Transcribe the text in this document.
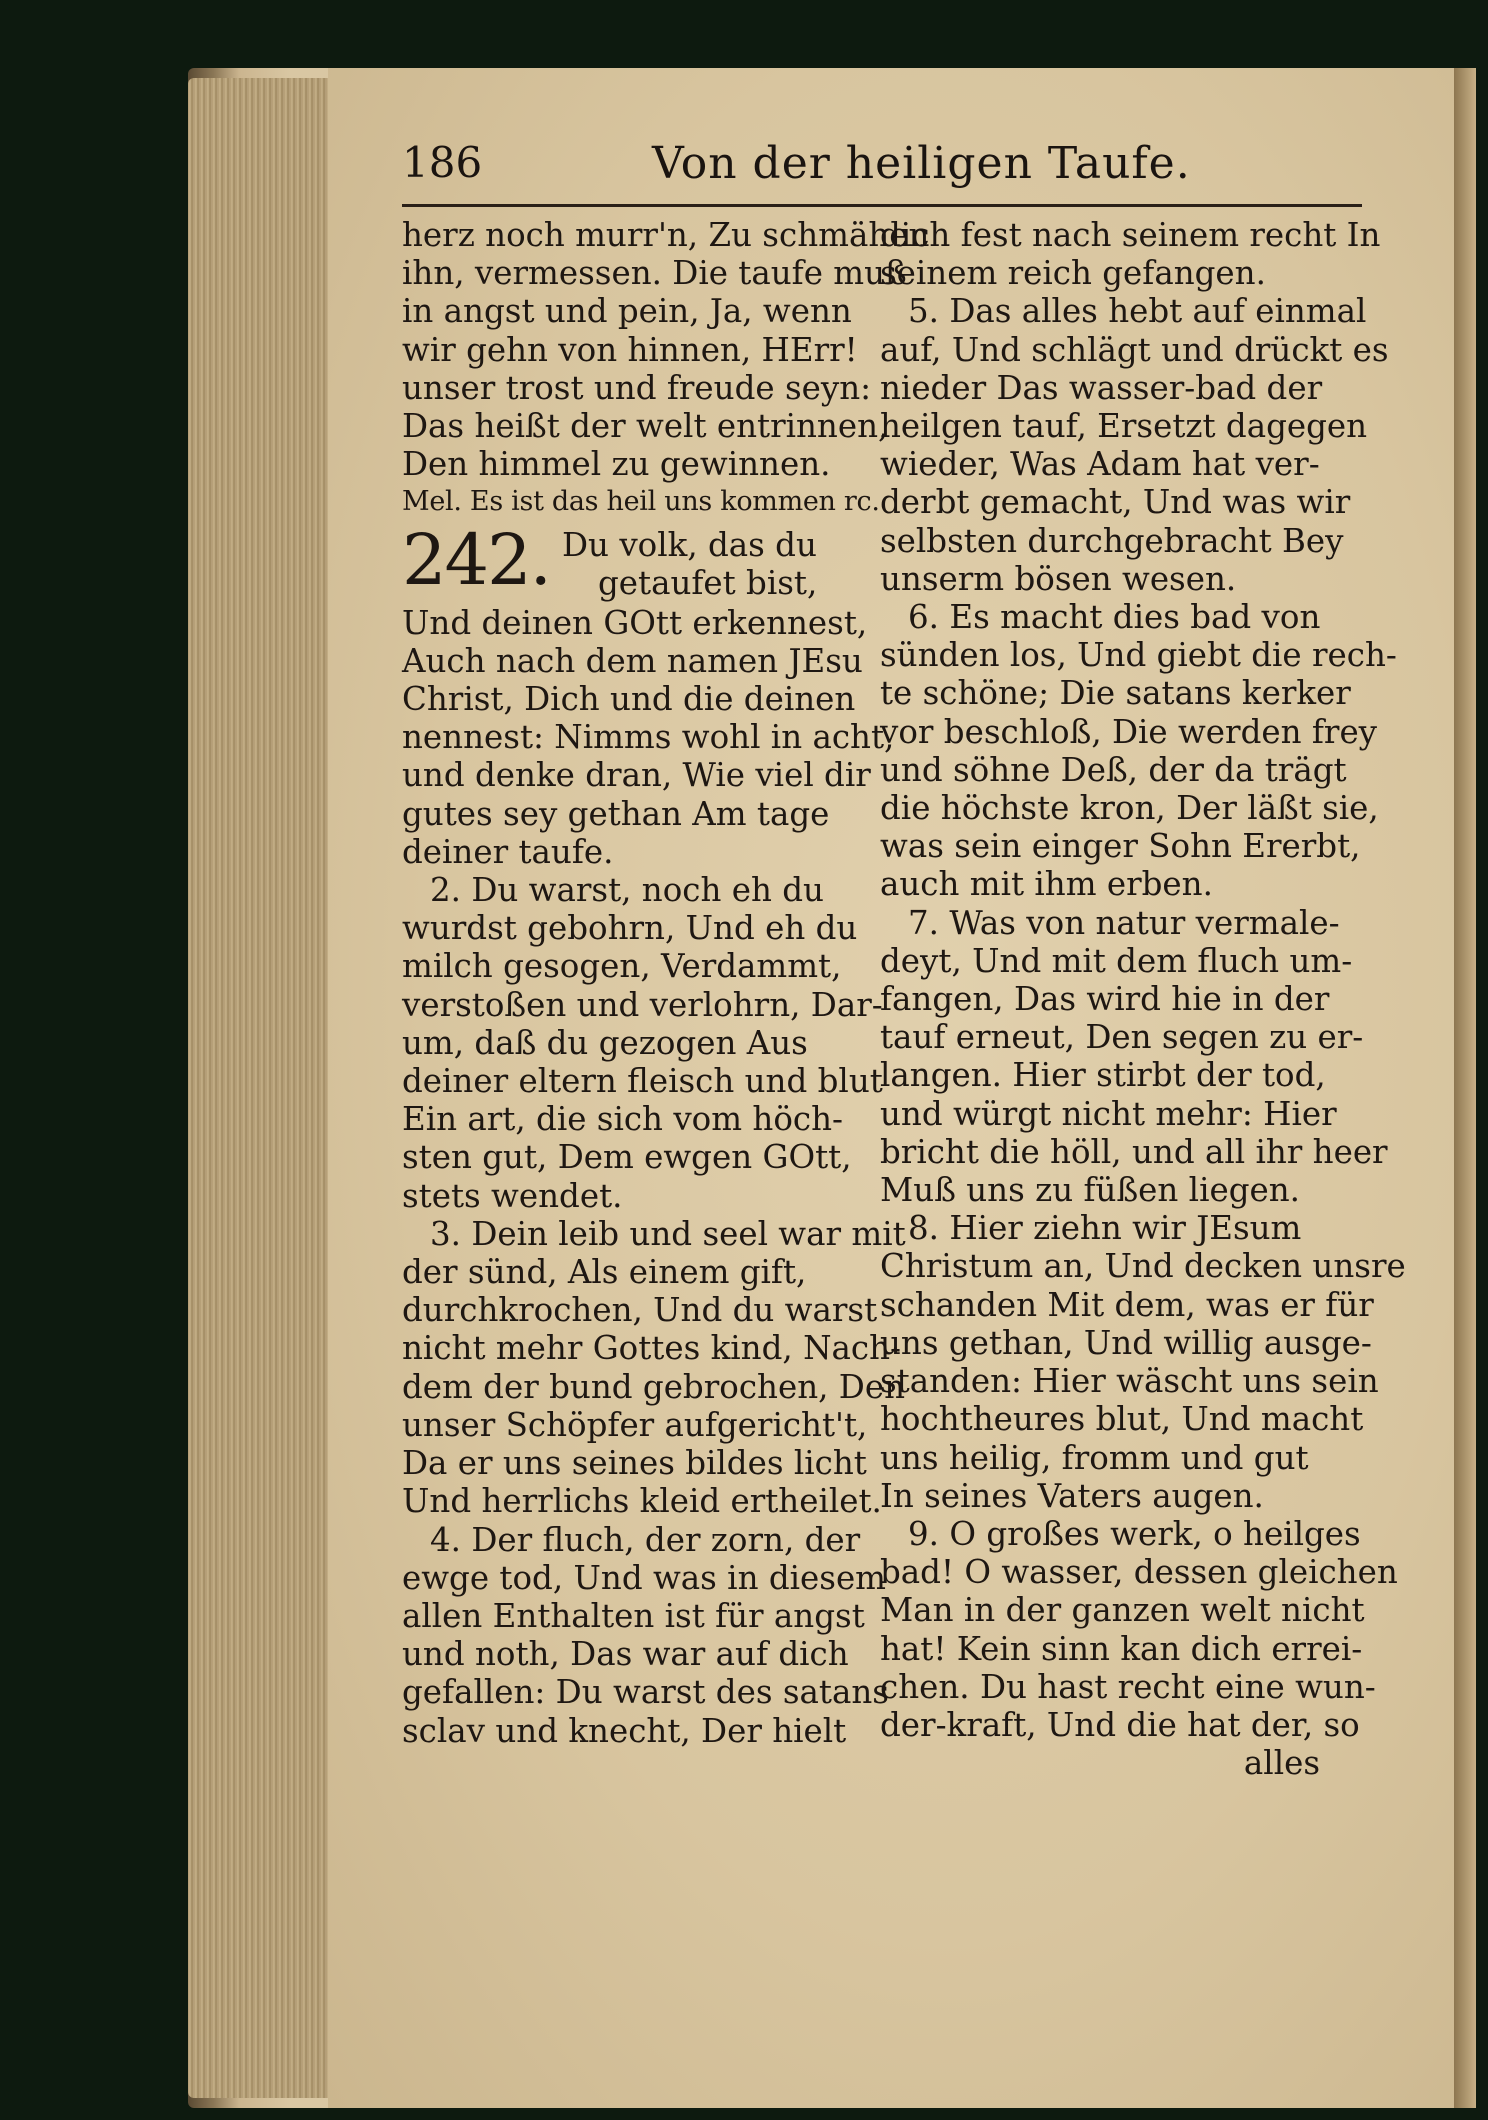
186	Von der heiligen Taufe.
herz noch murr'n, Zu schmähen
ihn, vermessen. Die taufe muß
in angst und pein, Ja, wenn
wir gehn von hinnen, HErr!
unser trost und freude seyn:
Das heißt der welt entrinnen,
Den himmel zu gewinnen.
Mel. Es ist das heil uns kommen rc.
242. Du volk, das du
getaufet bist,
Und deinen GOtt erkennest,
Auch nach dem namen JEsu
Christ, Dich und die deinen
nennest: Nimms wohl in acht,
und denke dran, Wie viel dir
gutes sey gethan Am tage
deiner taufe.
2. Du warst, noch eh du
wurdst gebohrn, Und eh du
milch gesogen, Verdammt,
verstoßen und verlohrn, Dar-
um, daß du gezogen Aus
deiner eltern fleisch und blut
Ein art, die sich vom höch-
sten gut, Dem ewgen GOtt,
stets wendet.
3. Dein leib und seel war mit
der sünd, Als einem gift,
durchkrochen, Und du warst
nicht mehr Gottes kind, Nach-
dem der bund gebrochen, Den
unser Schöpfer aufgericht't,
Da er uns seines bildes licht
Und herrlichs kleid ertheilet.
4. Der fluch, der zorn, der
ewge tod, Und was in diesem
allen Enthalten ist für angst
und noth, Das war auf dich
gefallen: Du warst des satans
sclav und knecht, Der hielt
dich fest nach seinem recht In
seinem reich gefangen.
5. Das alles hebt auf einmal
auf, Und schlägt und drückt es
nieder Das wasser-bad der
heilgen tauf, Ersetzt dagegen
wieder, Was Adam hat ver-
derbt gemacht, Und was wir
selbsten durchgebracht Bey
unserm bösen wesen.
6. Es macht dies bad von
sünden los, Und giebt die rech-
te schöne; Die satans kerker
vor beschloß, Die werden frey
und söhne Deß, der da trägt
die höchste kron, Der läßt sie,
was sein einger Sohn Ererbt,
auch mit ihm erben.
7. Was von natur vermale-
deyt, Und mit dem fluch um-
fangen, Das wird hie in der
tauf erneut, Den segen zu er-
langen. Hier stirbt der tod,
und würgt nicht mehr: Hier
bricht die höll, und all ihr heer
Muß uns zu füßen liegen.
8. Hier ziehn wir JEsum
Christum an, Und decken unsre
schanden Mit dem, was er für
uns gethan, Und willig ausge-
standen: Hier wäscht uns sein
hochtheures blut, Und macht
uns heilig, fromm und gut
In seines Vaters augen.
9. O großes werk, o heilges
bad! O wasser, dessen gleichen
Man in der ganzen welt nicht
hat! Kein sinn kan dich errei-
chen. Du hast recht eine wun-
der-kraft, Und die hat der, so
alles
